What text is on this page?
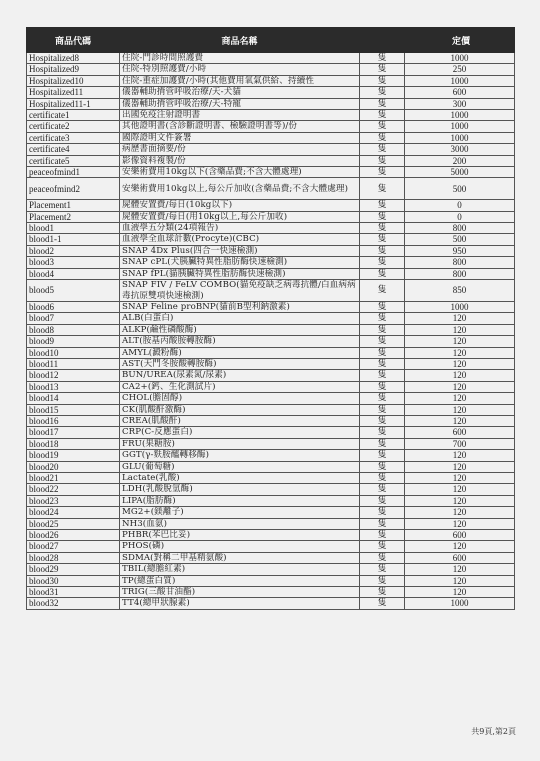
商品代碼	商品名稱		定價
Hospitalized8	住院-門診時間照護費	隻	1000
Hospitalized9	住院-特別照護費/小時	隻	250
Hospitalized10	住院-重症加護費/小時(其他費用氧氣供給、持續性	隻	1000
Hospitalized11	儀器輔助揹管呼吸治療/天-犬貓	隻	600
Hospitalized11-1	儀器輔助揹管呼吸治療/天-特寵	隻	300
certificate1	出國免疫注射證明書	隻	1000
certificate2	其他證明書(含診斷證明書、檢驗證明書等)/份	隻	1000
certificate3	國際證明文件簽署	隻	1000
certificate4	病歷書面摘要/份	隻	3000
certificate5	影像資料複製/份	隻	200
peaceofmind1	安樂術費用10kg以下(含藥品費;不含大體處理)	隻	5000
peaceofmind2	安樂術費用10kg以上,每公斤加收(含藥品費;不含大體處理)	隻	500
Placement1	屍體安置費/每日(10kg以下)	隻	0
Placement2	屍體安置費/每日(用10kg以上,每公斤加收)	隻	0
blood1	血液學五分類(24項報告)	隻	800
blood1-1	血液學全血球計數(Procyte)(CBC)	隻	500
blood2	SNAP 4Dx Plus(四合一快速檢測)	隻	950
blood3	SNAP cPL(犬胰臟特異性脂肪酶快速檢測)	隻	800
blood4	SNAP fPL(貓胰臟特異性脂肪酶快速檢測)	隻	800
blood5	SNAP FIV / FeLV COMBO(貓免疫缺乏病毒抗體/白血病病毒抗原雙項快速檢測)	隻	850
blood6	SNAP Feline proBNP(貓前B型利鈉激素)	隻	1000
blood7	ALB(白蛋白)	隻	120
blood8	ALKP(鹼性磷酸酶)	隻	120
blood9	ALT(胺基丙酸胺轉胺酶)	隻	120
blood10	AMYL(澱粉酶)	隻	120
blood11	AST(天門冬胺酸轉胺酶)	隻	120
blood12	BUN/UREA(尿素氮/尿素)	隻	120
blood13	CA2+(鈣、生化測試片)	隻	120
blood14	CHOL(膽固醇)	隻	120
blood15	CK(肌酸酐激酶)	隻	120
blood16	CREA(肌酸酐)	隻	120
blood17	CRP(C-反應蛋白)	隻	600
blood18	FRU(果糖胺)	隻	700
blood19	GGT(γ-麩胺醯轉移酶)	隻	120
blood20	GLU(葡萄糖)	隻	120
blood21	Lactate(乳酸)	隻	120
blood22	LDH(乳酸脫氫酶)	隻	120
blood23	LIPA(脂肪酶)	隻	120
blood24	MG2+(鎂離子)	隻	120
blood25	NH3(血氨)	隻	120
blood26	PHBR(苯巴比妥)	隻	600
blood27	PHOS(磷)	隻	120
blood28	SDMA(對稱二甲基精氨酸)	隻	600
blood29	TBIL(總膽紅素)	隻	120
blood30	TP(總蛋白質)	隻	120
blood31	TRIG(三酸甘油酯)	隻	120
blood32	TT4(總甲狀腺素)	隻	1000
共9頁,第2頁
